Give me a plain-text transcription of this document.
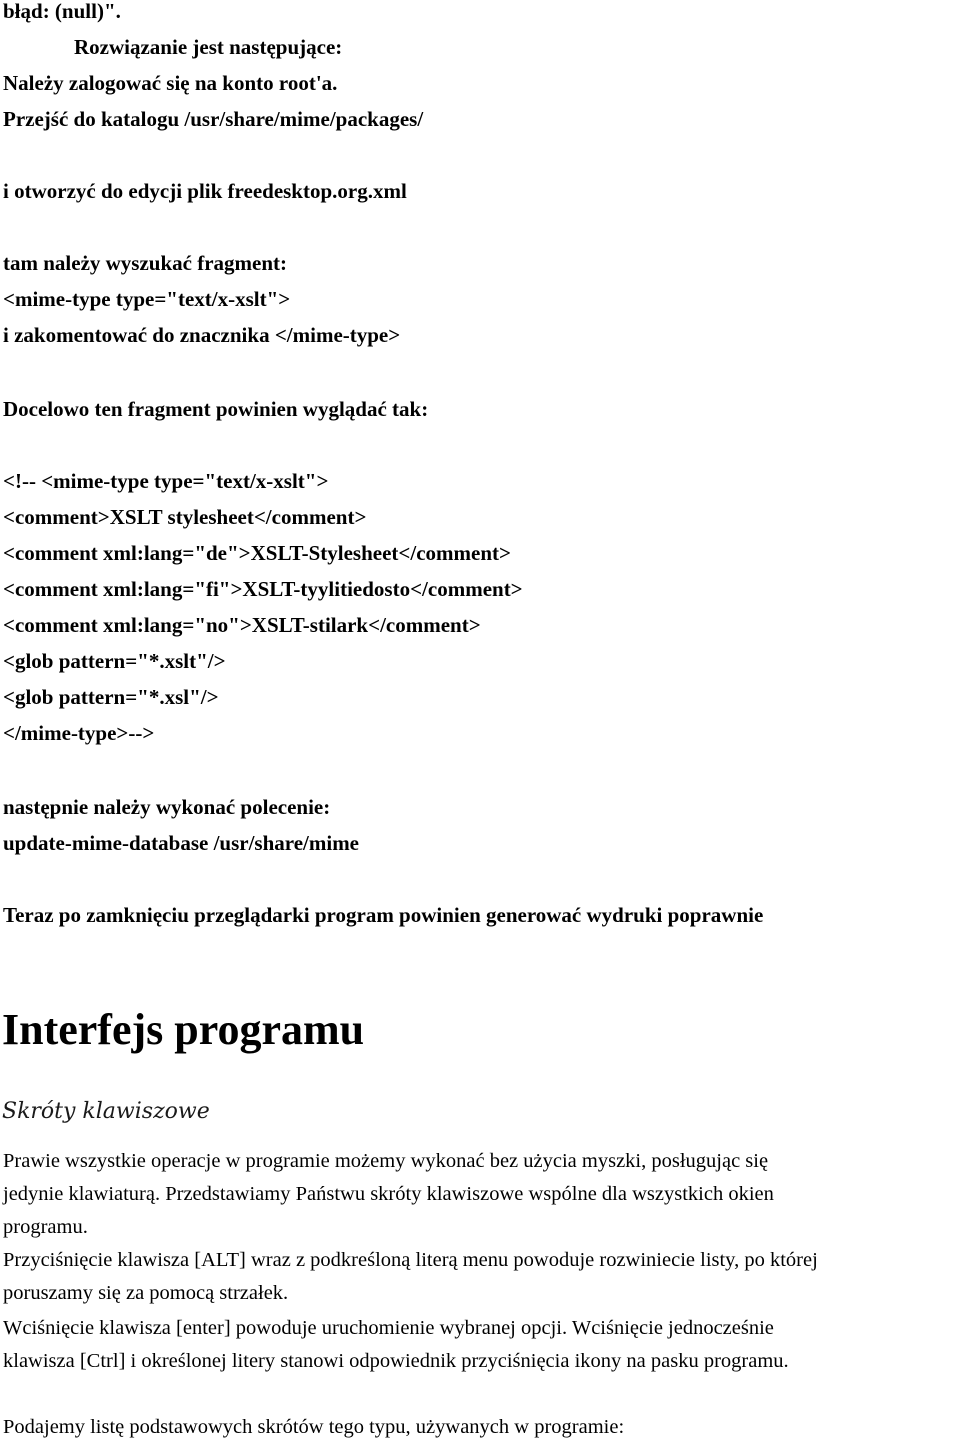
błąd: (null)".
Rozwiązanie jest następujące:
Należy zalogować się na konto root'a.
Przejść do katalogu /usr/share/mime/packages/
i otworzyć do edycji plik freedesktop.org.xml
tam należy wyszukać fragment:
<mime-type type="text/x-xslt">
i zakomentować do znacznika </mime-type>
Docelowo ten fragment powinien wyglądać tak:
<!-- <mime-type type="text/x-xslt">
<comment>XSLT stylesheet</comment>
<comment xml:lang="de">XSLT-Stylesheet</comment>
<comment xml:lang="fi">XSLT-tyylitiedosto</comment>
<comment xml:lang="no">XSLT-stilark</comment>
<glob pattern="*.xslt"/>
<glob pattern="*.xsl"/>
</mime-type>-->
następnie należy wykonać polecenie:
update-mime-database /usr/share/mime
Teraz po zamknięciu przeglądarki program powinien generować wydruki poprawnie
Interfejs programu
Skróty klawiszowe
Prawie wszystkie operacje w programie możemy wykonać bez użycia myszki, posługując się
jedynie klawiaturą. Przedstawiamy Państwu skróty klawiszowe wspólne dla wszystkich okien
programu.
Przyciśnięcie klawisza [ALT] wraz z podkreśloną literą menu powoduje rozwiniecie listy, po której
poruszamy się za pomocą strzałek.
Wciśnięcie klawisza [enter] powoduje uruchomienie wybranej opcji. Wciśnięcie jednocześnie
klawisza [Ctrl] i określonej litery stanowi odpowiednik przyciśnięcia ikony na pasku programu.
Podajemy listę podstawowych skrótów tego typu, używanych w programie:
